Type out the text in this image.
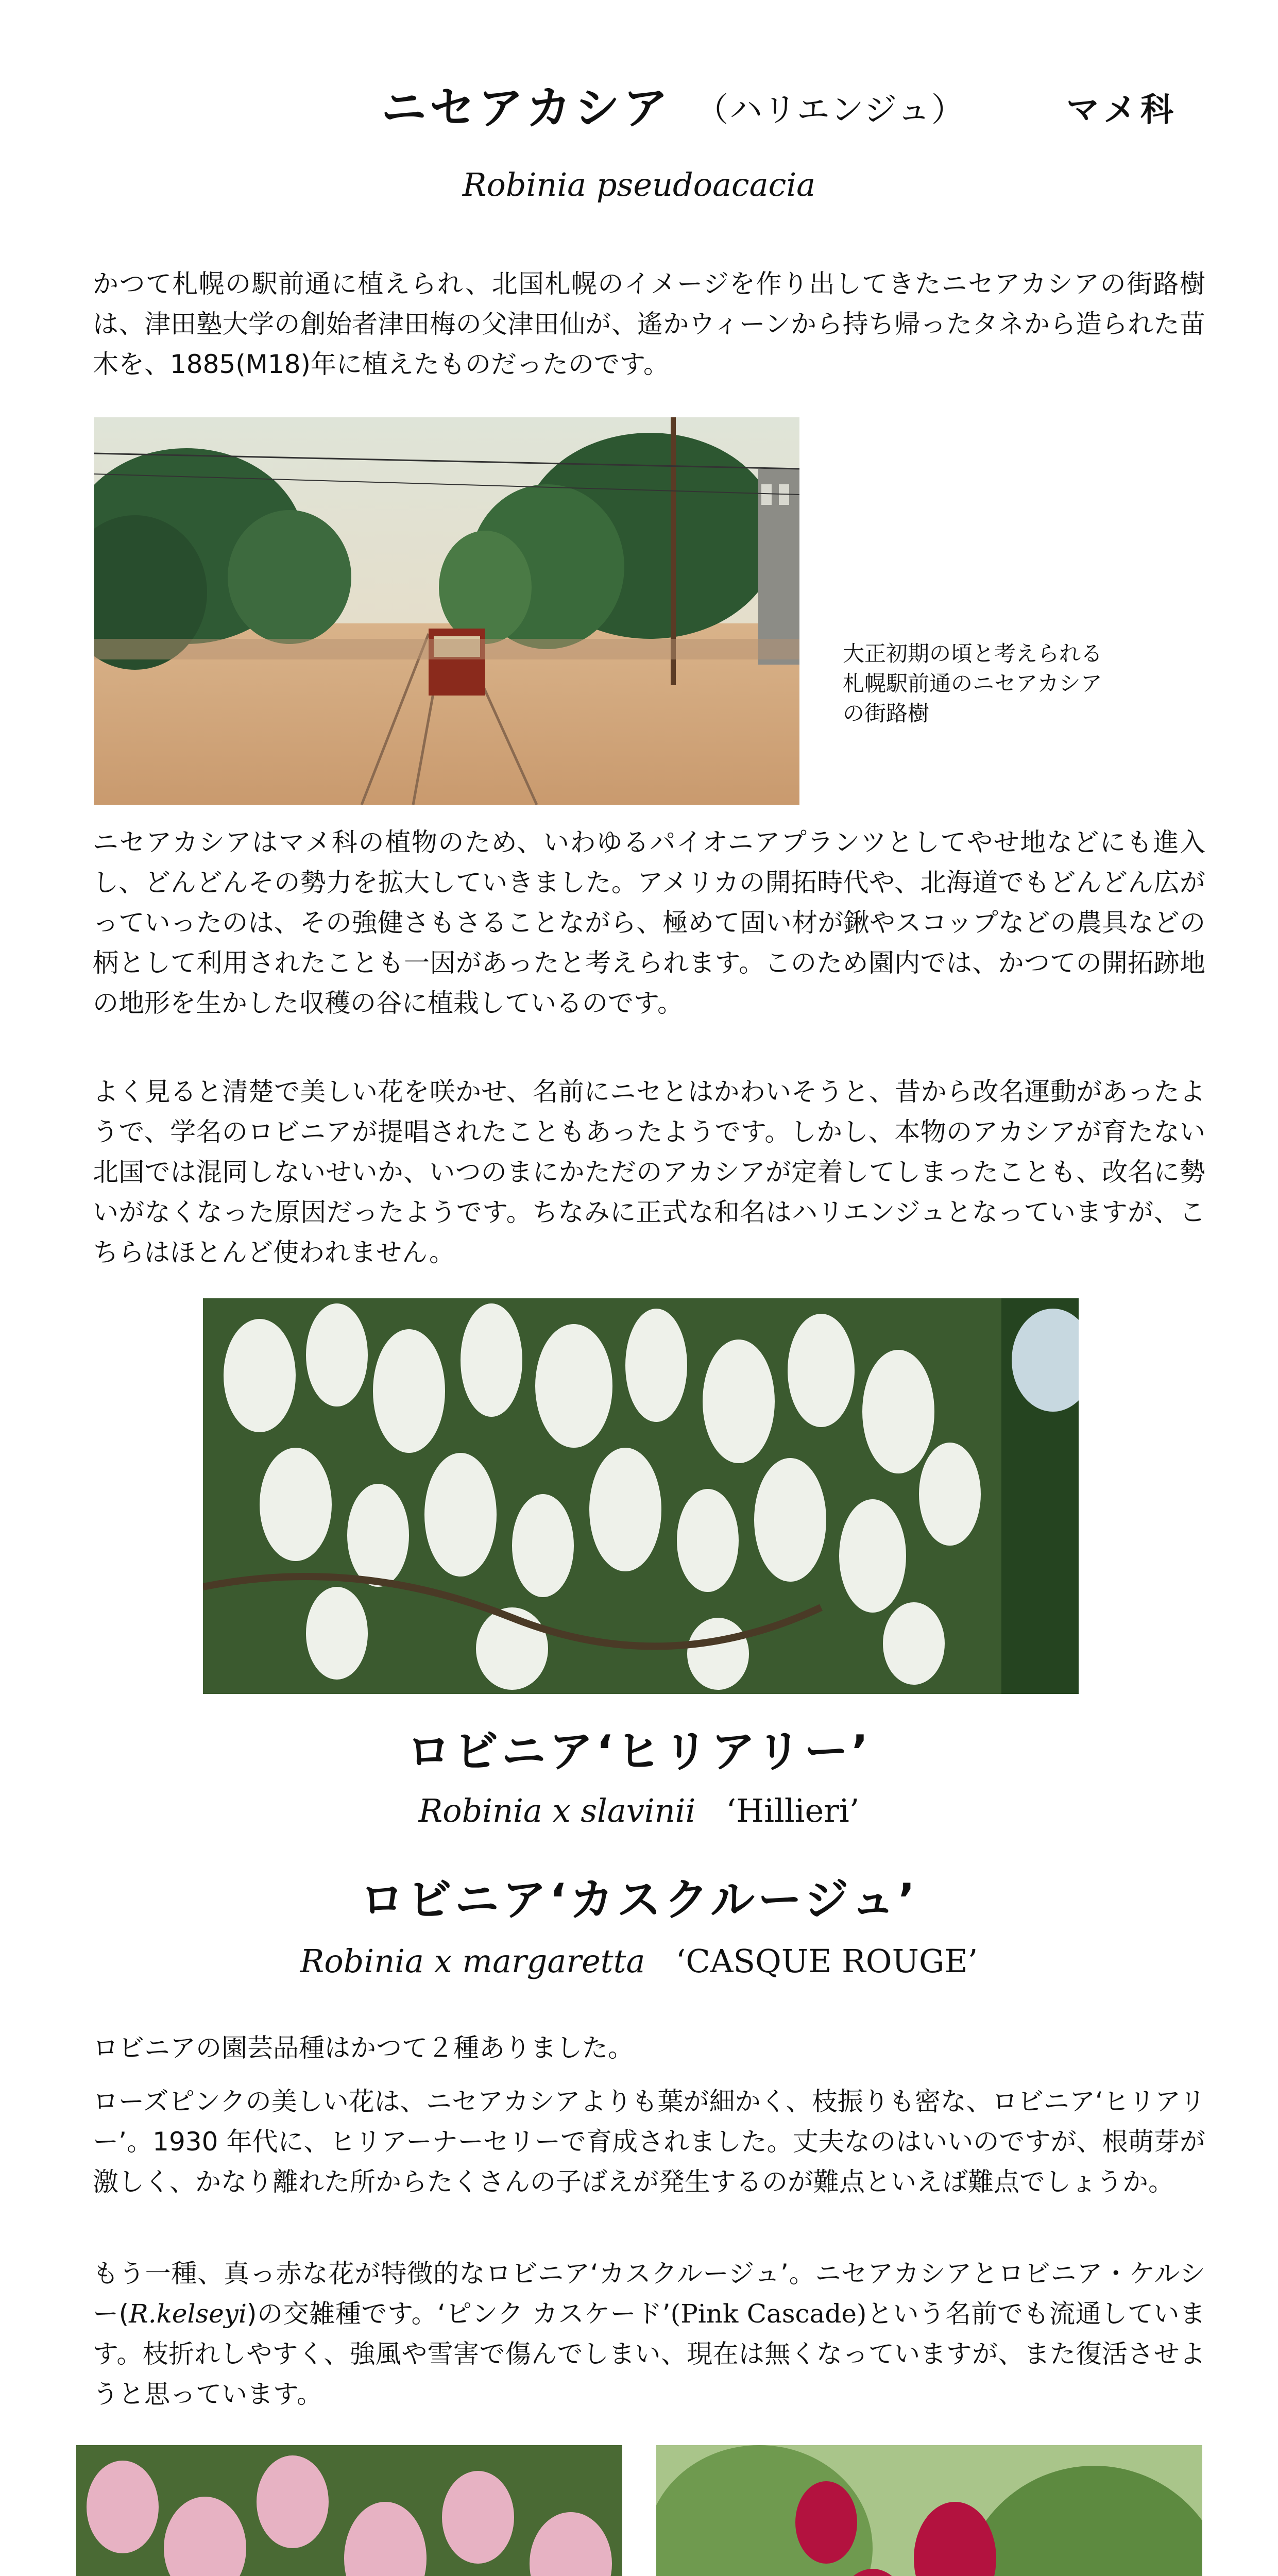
ニセアカシア （ハリエンジュ）	マメ科
Robinia pseudoacacia
かつて札幌の駅前通に植えられ、北国札幌のイメージを作り出してきたニセアカシアの街路樹は、津田塾大学の創始者津田梅の父津田仙が、遙かウィーンから持ち帰ったタネから造られた苗木を、1885(M18)年に植えたものだったのです。
大正初期の頃と考えられる
札幌駅前通のニセアカシア
の街路樹
ニセアカシアはマメ科の植物のため、いわゆるパイオニアプランツとしてやせ地などにも進入し、どんどんその勢力を拡大していきました。アメリカの開拓時代や、北海道でもどんどん広がっていったのは、その強健さもさることながら、極めて固い材が鍬やスコップなどの農具などの柄として利用されたことも一因があったと考えられます。このため園内では、かつての開拓跡地の地形を生かした収穫の谷に植栽しているのです。
よく見ると清楚で美しい花を咲かせ、名前にニセとはかわいそうと、昔から改名運動があったようで、学名のロビニアが提唱されたこともあったようです。しかし、本物のアカシアが育たない北国では混同しないせいか、いつのまにかただのアカシアが定着してしまったことも、改名に勢いがなくなった原因だったようです。ちなみに正式な和名はハリエンジュとなっていますが、こちらはほとんど使われません。
ロビニア‘ヒリアリー’
Robinia x slavinii ‘Hillieri’
ロビニア‘カスクルージュ’
Robinia x margaretta ‘CASQUE ROUGE’
ロビニアの園芸品種はかつて２種ありました。
ローズピンクの美しい花は、ニセアカシアよりも葉が細かく、枝振りも密な、ロビニア‘ヒリアリー’。1930 年代に、ヒリアーナーセリーで育成されました。丈夫なのはいいのですが、根萌芽が激しく、かなり離れた所からたくさんの子ばえが発生するのが難点といえば難点でしょうか。
もう一種、真っ赤な花が特徴的なロビニア‘カスクルージュ’。ニセアカシアとロビニア・ケルシー(R.kelseyi)の交雑種です。‘ピンク カスケード’(Pink Cascade)という名前でも流通しています。枝折れしやすく、強風や雪害で傷んでしまい、現在は無くなっていますが、また復活させようと思っています。
